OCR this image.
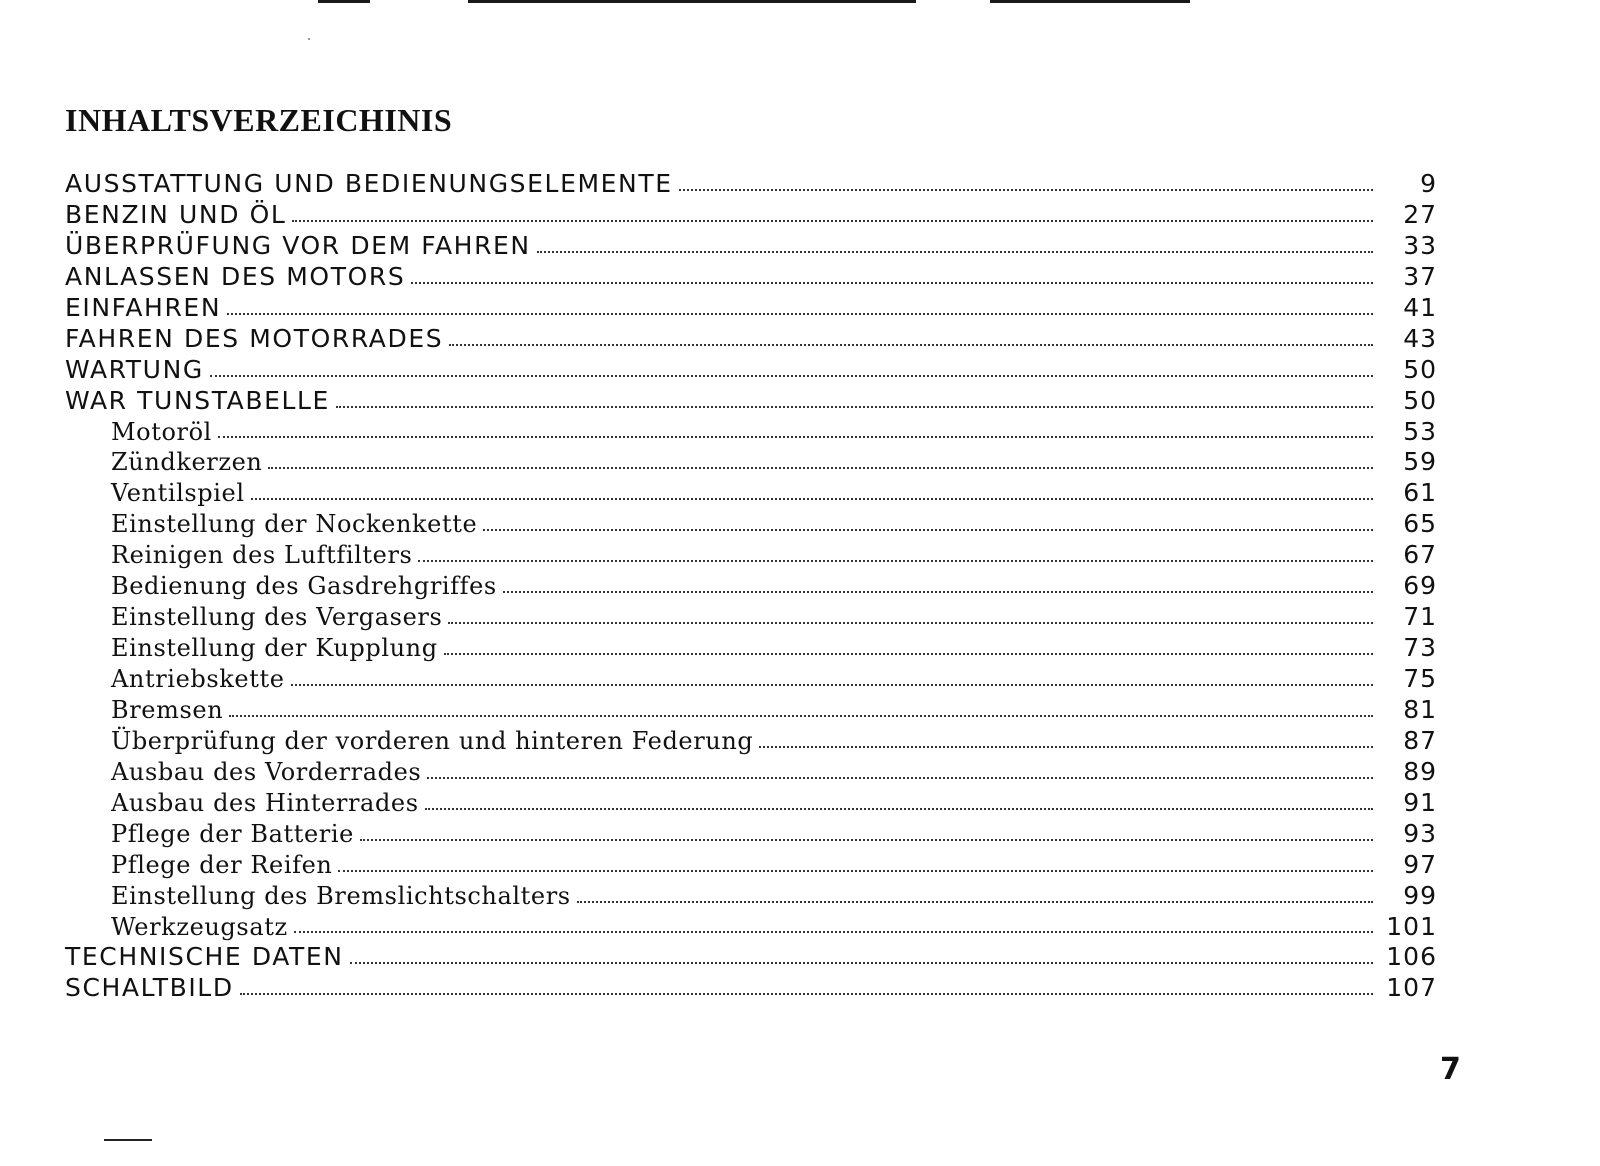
INHALTSVERZEICHINIS
AUSSTATTUNG UND BEDIENUNGSELEMENTE	9
BENZIN UND ÖL	27
ÜBERPRÜFUNG VOR DEM FAHREN	33
ANLASSEN DES MOTORS	37
EINFAHREN	41
FAHREN DES MOTORRADES	43
WARTUNG	50
WAR TUNSTABELLE	50
Motoröl	53
Zündkerzen	59
Ventilspiel	61
Einstellung der Nockenkette	65
Reinigen des Luftfilters	67
Bedienung des Gasdrehgriffes	69
Einstellung des Vergasers	71
Einstellung der Kupplung	73
Antriebskette	75
Bremsen	81
Überprüfung der vorderen und hinteren Federung	87
Ausbau des Vorderrades	89
Ausbau des Hinterrades	91
Pflege der Batterie	93
Pflege der Reifen	97
Einstellung des Bremslichtschalters	99
Werkzeugsatz	101
TECHNISCHE DATEN	106
SCHALTBILD	107

7
